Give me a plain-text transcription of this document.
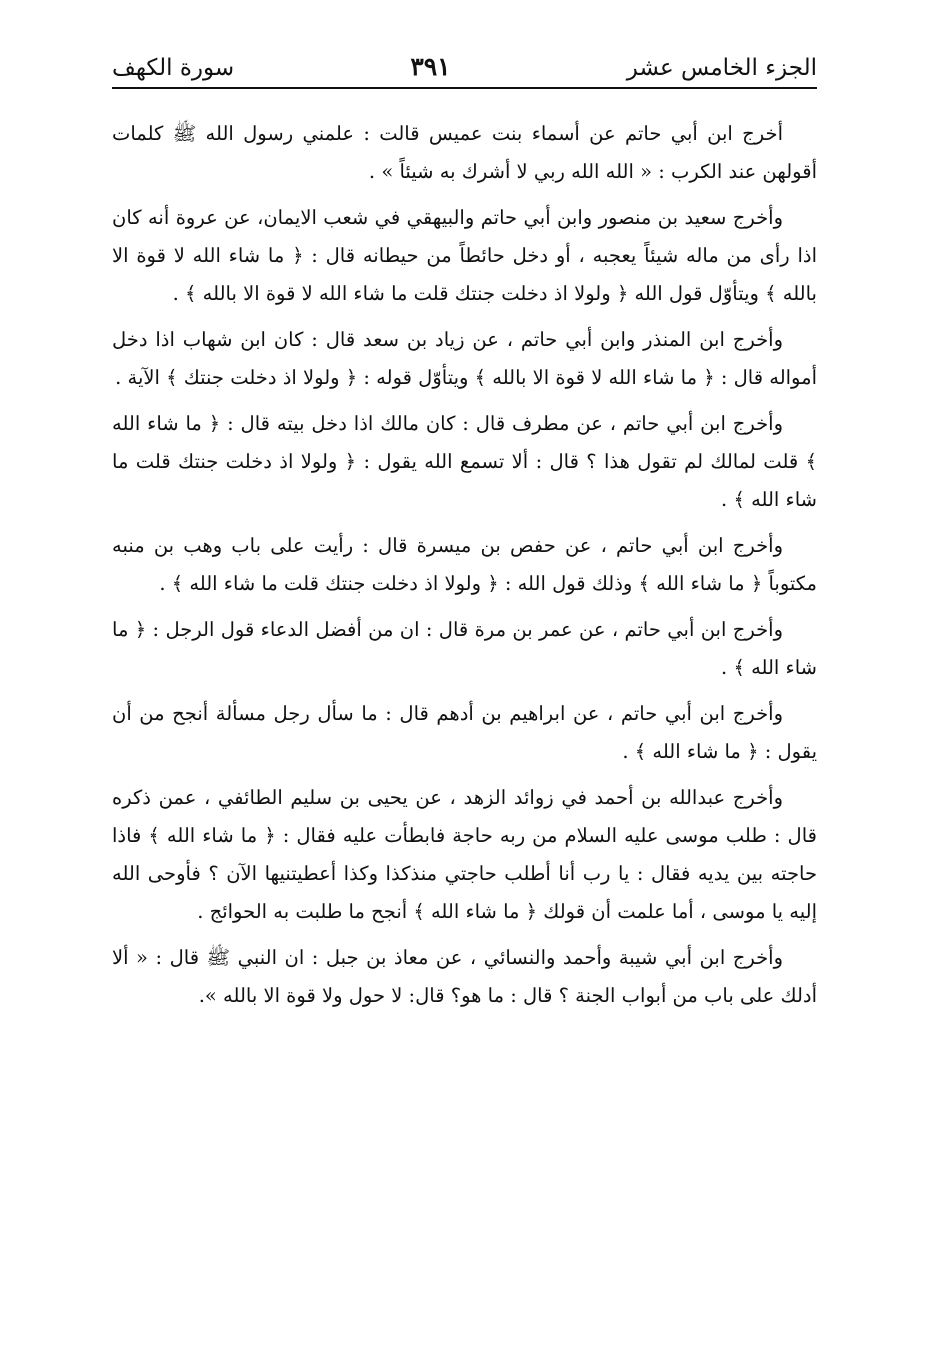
الجزء الخامس عشر
٣٩١
سورة الكهف

أخرج ابن أبي حاتم عن أسماء بنت عميس قالت : علمني رسول الله ﷺ كلمات أقولهن عند الكرب : « الله الله ربي لا أشرك به شيئاً » .

وأخرج سعيد بن منصور وابن أبي حاتم والبيهقي في شعب الايمان، عن عروة أنه كان اذا رأى من ماله شيئاً يعجبه ، أو دخل حائطاً من حيطانه قال : ﴿ ما شاء الله لا قوة الا بالله ﴾ ويتأوّل قول الله ﴿ ولولا اذ دخلت جنتك قلت ما شاء الله لا قوة الا بالله ﴾ .

وأخرج ابن المنذر وابن أبي حاتم ، عن زياد بن سعد قال : كان ابن شهاب اذا دخل أمواله قال : ﴿ ما شاء الله لا قوة الا بالله ﴾ ويتأوّل قوله : ﴿ ولولا اذ دخلت جنتك ﴾ الآية .

وأخرج ابن أبي حاتم ، عن مطرف قال : كان مالك اذا دخل بيته قال : ﴿ ما شاء الله ﴾ قلت لمالك لم تقول هذا ؟ قال : ألا تسمع الله يقول : ﴿ ولولا اذ دخلت جنتك قلت ما شاء الله ﴾ .

وأخرج ابن أبي حاتم ، عن حفص بن ميسرة قال : رأيت على باب وهب بن منبه مكتوباً ﴿ ما شاء الله ﴾ وذلك قول الله : ﴿ ولولا اذ دخلت جنتك قلت ما شاء الله ﴾ .

وأخرج ابن أبي حاتم ، عن عمر بن مرة قال : ان من أفضل الدعاء قول الرجل : ﴿ ما شاء الله ﴾ .

وأخرج ابن أبي حاتم ، عن ابراهيم بن أدهم قال : ما سأل رجل مسألة أنجح من أن يقول : ﴿ ما شاء الله ﴾ .

وأخرج عبدالله بن أحمد في زوائد الزهد ، عن يحيى بن سليم الطائفي ، عمن ذكره قال : طلب موسى عليه السلام من ربه حاجة فابطأت عليه فقال : ﴿ ما شاء الله ﴾ فاذا حاجته بين يديه فقال : يا رب أنا أطلب حاجتي منذكذا وكذا أعطيتنيها الآن ؟ فأوحى الله إليه يا موسى ، أما علمت أن قولك ﴿ ما شاء الله ﴾ أنجح ما طلبت به الحوائج .

وأخرج ابن أبي شيبة وأحمد والنسائي ، عن معاذ بن جبل : ان النبي ﷺ قال : « ألا أدلك على باب من أبواب الجنة ؟ قال : ما هو؟ قال: لا حول ولا قوة الا بالله ».
